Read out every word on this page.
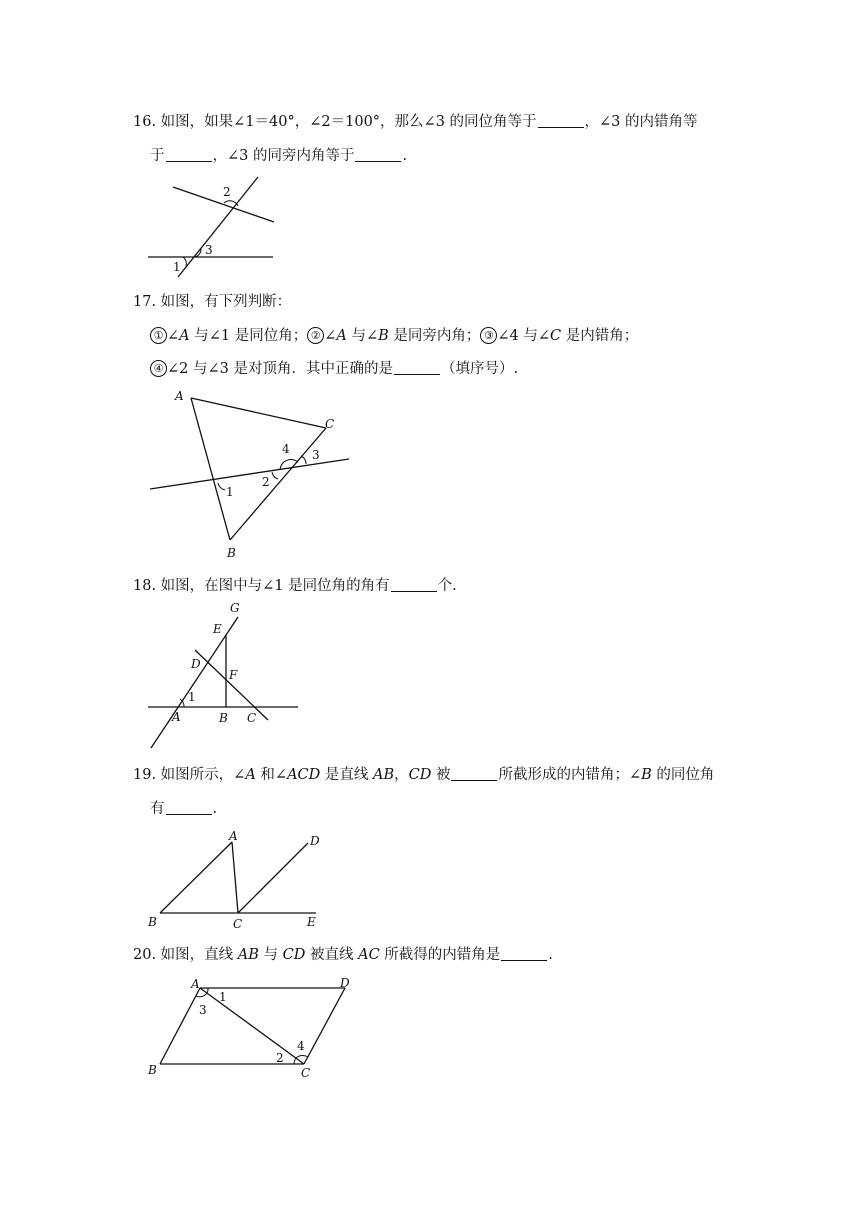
16. 如图，如果∠1＝40°，∠2＝100°，那么∠3 的同位角等于	，∠3 的内错角等
于	，∠3 的同旁内角等于	.
2
3
1
17. 如图，有下列判断：
① ∠A 与∠1 是同位角； ② ∠A 与∠B 是同旁内角； ③ ∠4 与∠C 是内错角；
④ ∠2 与∠3 是对顶角．其中正确的是	（填序号）.
A
C
B
4 3
1
2
18. 如图，在图中与∠1 是同位角的角有	个.
G
E
D
F
1
A	B C
19. 如图所示，∠A 和∠ACD 是直线 AB，CD 被	所截形成的内错角；∠B 的同位角
有	.
A	D
B	C	E
20. 如图，直线 AB 与 CD 被直线 AC 所截得的内错角是	.
A	D
B	C
1
3
2
4
